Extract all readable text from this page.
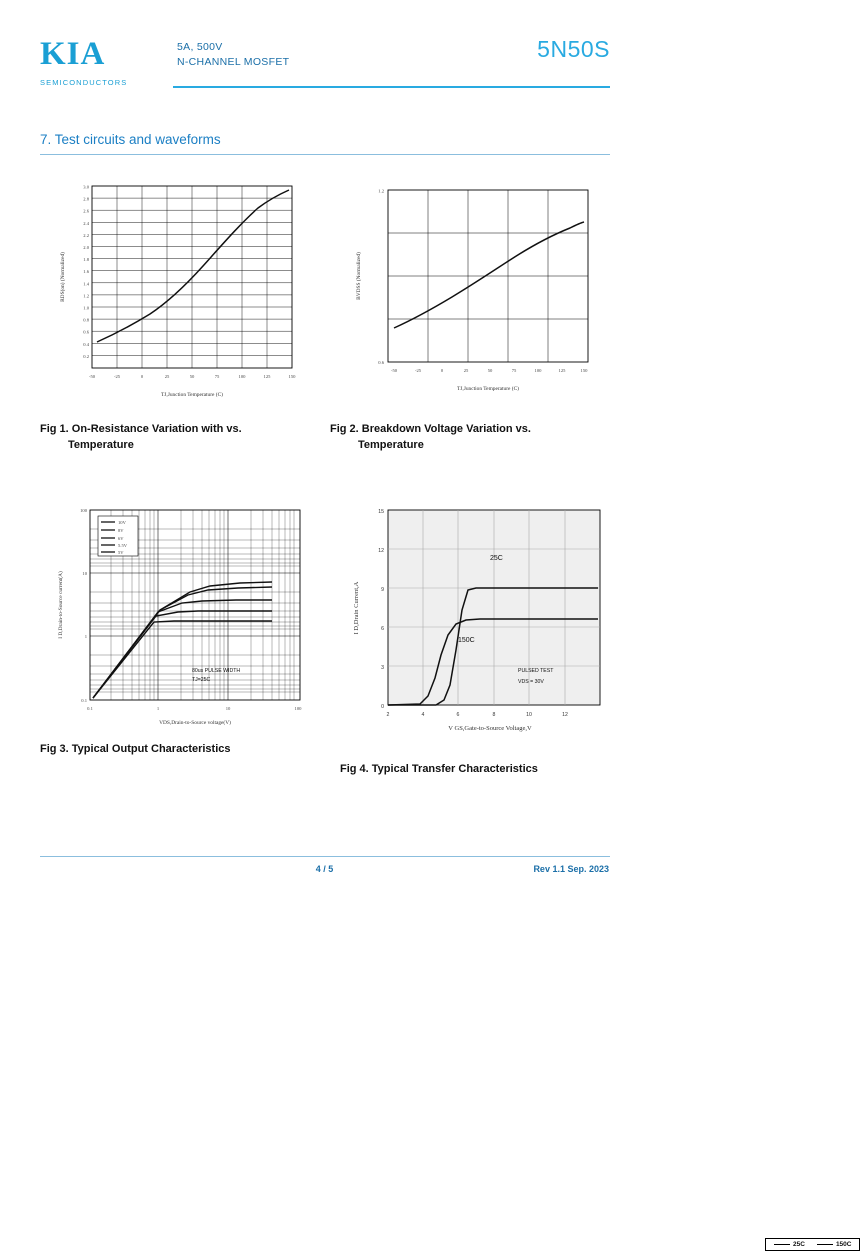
KIA
SEMICONDUCTORS
5A, 500V
N-CHANNEL MOSFET	5N50S
7. Test circuits and waveforms
3.0
2.8
2.6
2.4
2.2
2.0
1.8
1.6
1.4
1.2
1.0
0.8
0.6
0.4
0.2
-50	-25	0	25	50	75	100	125	150
TJ,Junction Temperature (C)
RDS(on) (Normalized)
Fig 1. On-Resistance Variation with vs.
Temperature
1.2
0.6
-50	-25	0	25	50	75	100	125	150
TJ,Junction Temperature (C)
BVDSS (Normalized)
Fig 2. Breakdown Voltage Variation vs.
Temperature
10V
8V
6V
5.5V
5V
80us PULSE WIDTH
TJ=25C
100
10
1
0.1
0.1	1	10	100
VDS,Drain-to-Source voltage(V)
I D,Drain-to-Source current(A)
Fig 3. Typical Output Characteristics
25C
150C
PULSED TEST
VDS = 30V
15
12
9
6
3
0
2	4	6	8	10	12
V GS,Gate-to-Source Voltage,V
I D,Drain Current,A
25C	150C
Fig 4. Typical Transfer Characteristics
4 / 5	Rev 1.1 Sep. 2023
